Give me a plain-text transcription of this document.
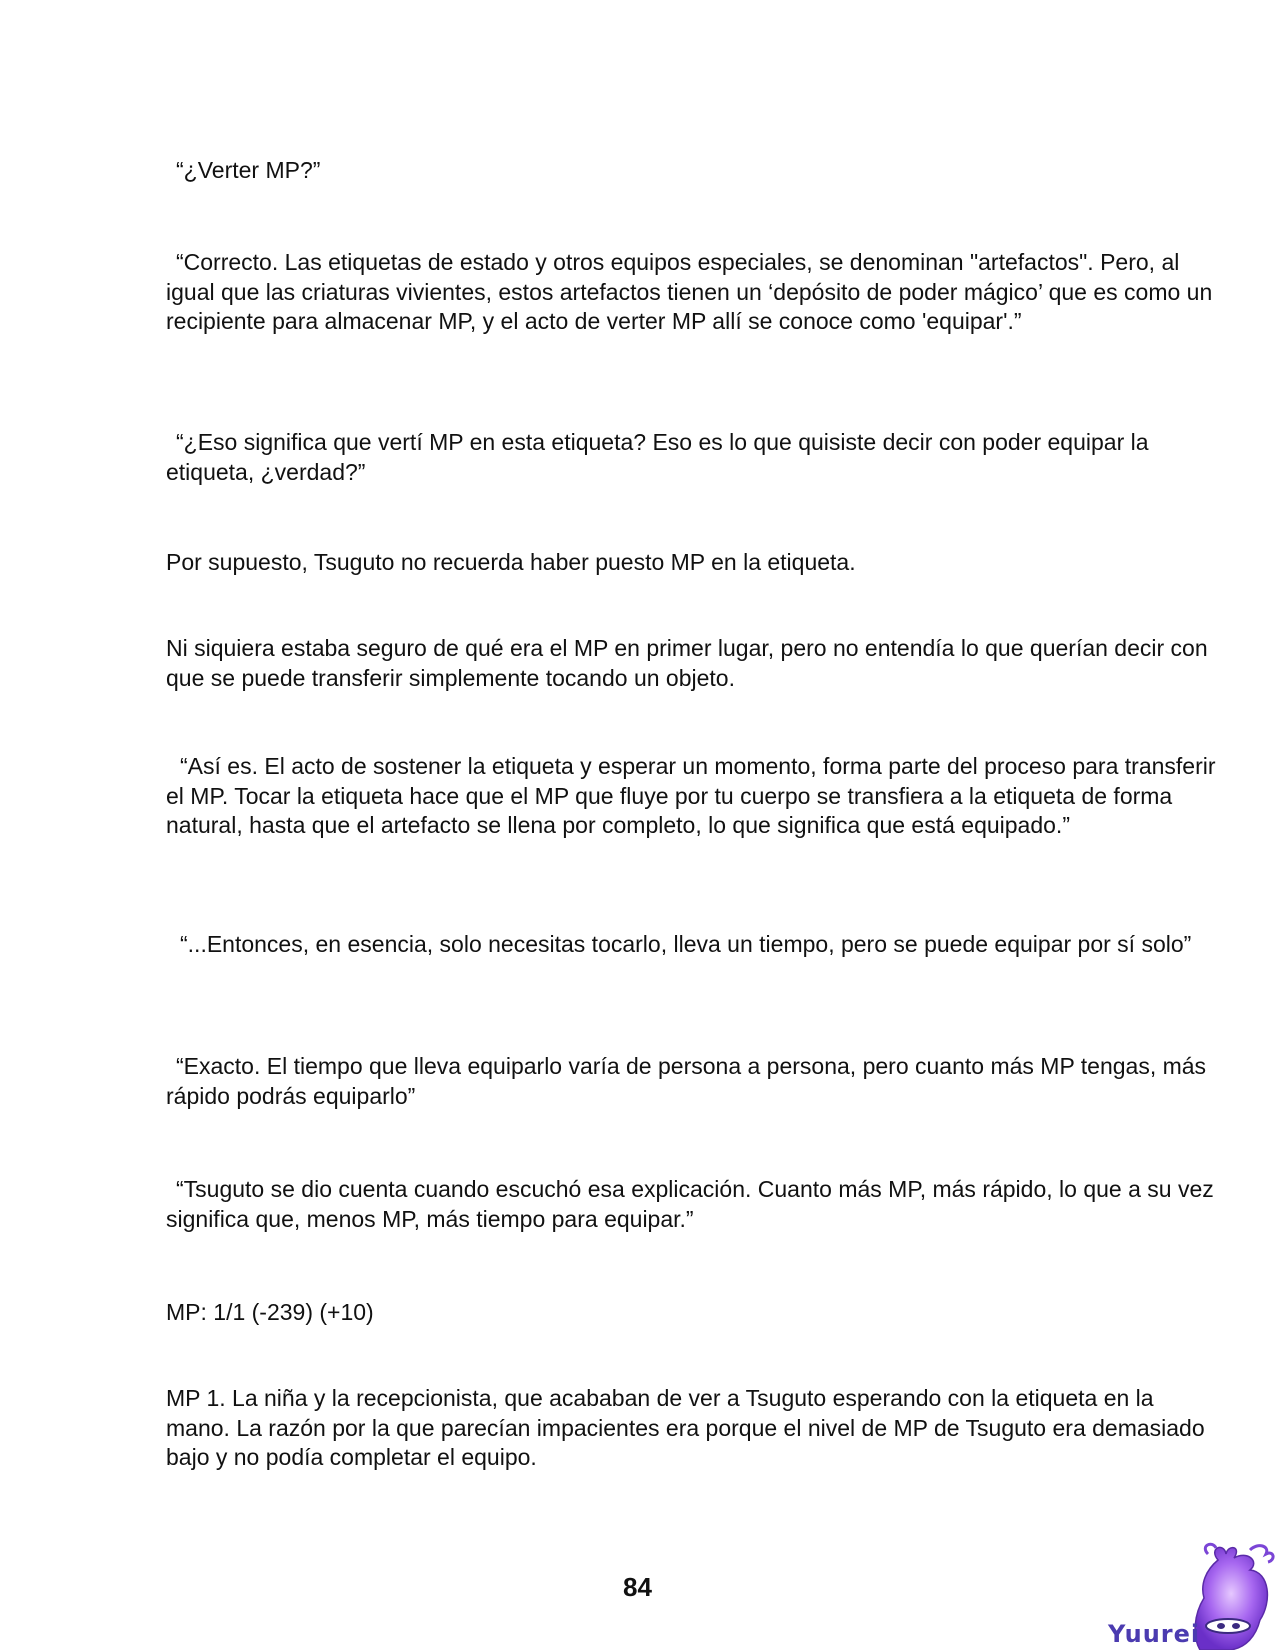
“¿Verter MP?”

“Correcto. Las etiquetas de estado y otros equipos especiales, se denominan "artefactos". Pero, al igual que las criaturas vivientes, estos artefactos tienen un ‘depósito de poder mágico’ que es como un recipiente para almacenar MP, y el acto de verter MP allí se conoce como 'equipar'.”

“¿Eso significa que vertí MP en esta etiqueta? Eso es lo que quisiste decir con poder equipar la etiqueta, ¿verdad?”

Por supuesto, Tsuguto no recuerda haber puesto MP en la etiqueta.

Ni siquiera estaba seguro de qué era el MP en primer lugar, pero no entendía lo que querían decir con que se puede transferir simplemente tocando un objeto.

“Así es. El acto de sostener la etiqueta y esperar un momento, forma parte del proceso para transferir el MP. Tocar la etiqueta hace que el MP que fluye por tu cuerpo se transfiera a la etiqueta de forma natural, hasta que el artefacto se llena por completo, lo que significa que está equipado.”

“...Entonces, en esencia, solo necesitas tocarlo, lleva un tiempo, pero se puede equipar por sí solo”

“Exacto. El tiempo que lleva equiparlo varía de persona a persona, pero cuanto más MP tengas, más rápido podrás equiparlo”

“Tsuguto se dio cuenta cuando escuchó esa explicación. Cuanto más MP, más rápido, lo que a su vez significa que, menos MP, más tiempo para equipar.”

MP: 1/1 (-239) (+10)

MP 1. La niña y la recepcionista, que acababan de ver a Tsuguto esperando con la etiqueta en la mano. La razón por la que parecían impacientes era porque el nivel de MP de Tsuguto era demasiado bajo y no podía completar el equipo.

84
Yuurei
